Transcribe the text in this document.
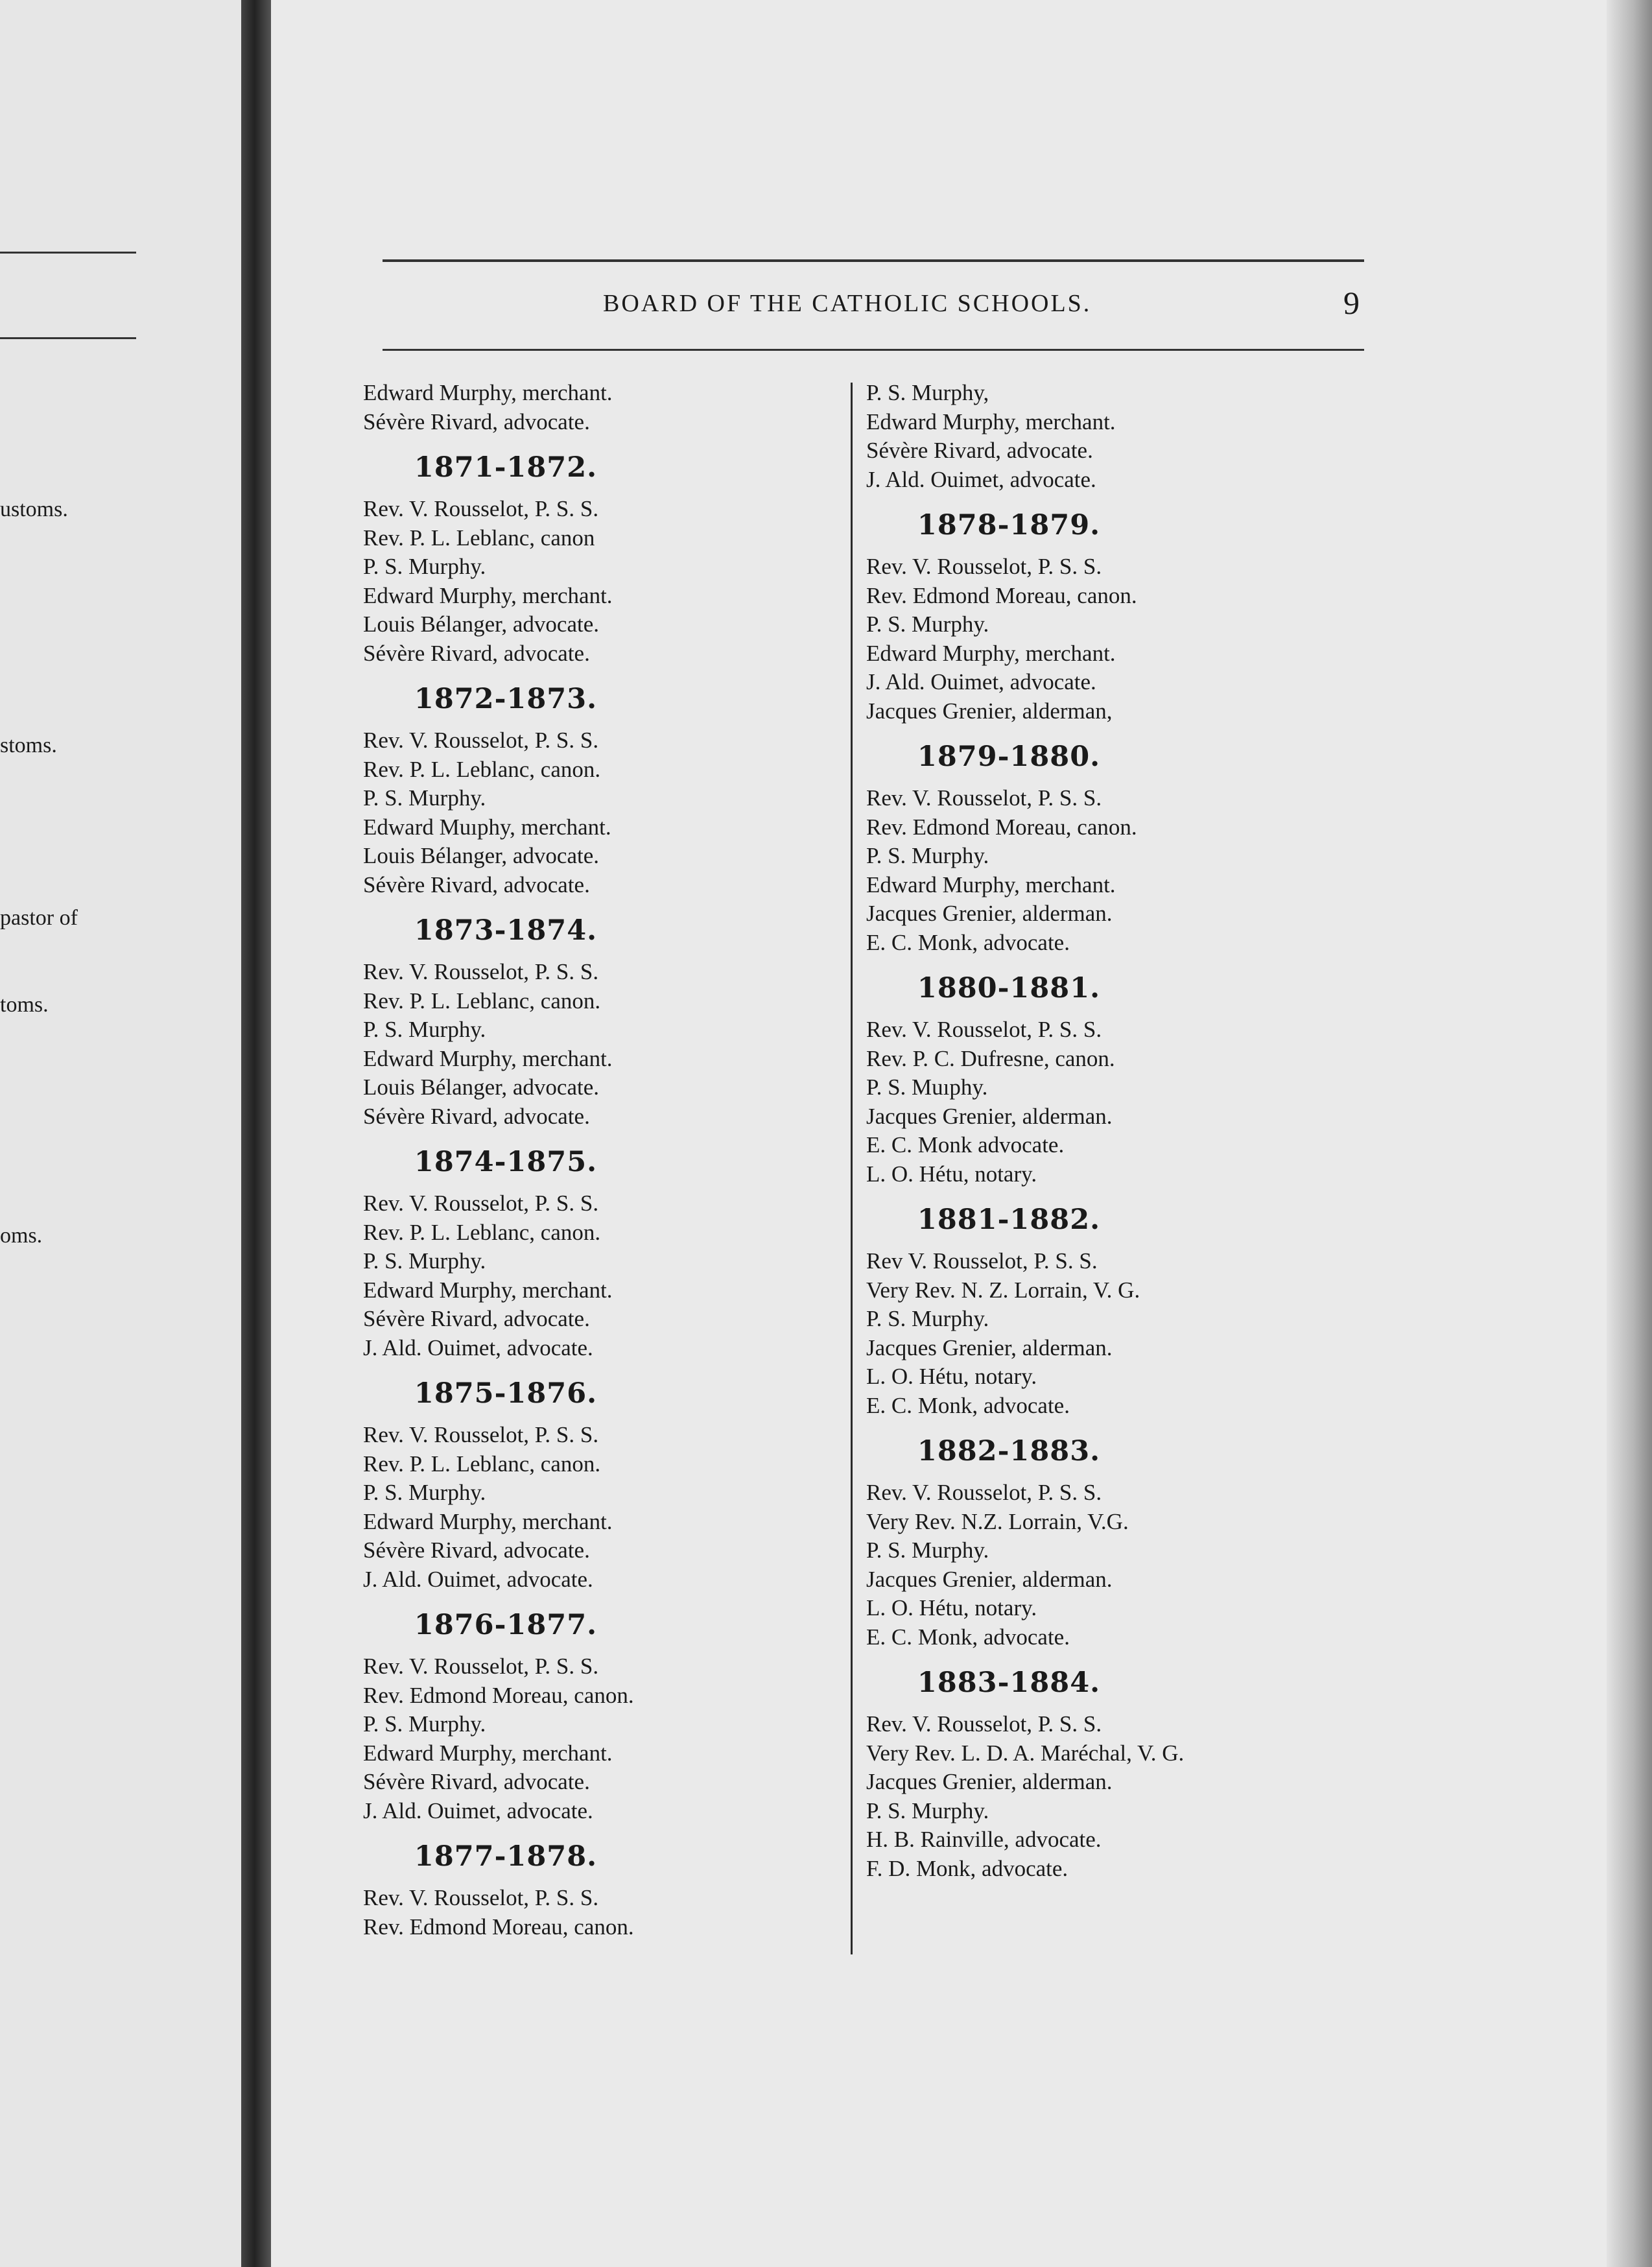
ustoms.
stoms.
pastor of
toms.
oms.
BOARD OF THE CATHOLIC SCHOOLS.	9
Edward Murphy, merchant.
Sévère Rivard, advocate.
1871-1872.
Rev. V. Rousselot, P. S. S.
Rev. P. L. Leblanc, canon
P. S. Murphy.
Edward Murphy, merchant.
Louis Bélanger, advocate.
Sévère Rivard, advocate.
1872-1873.
Rev. V. Rousselot, P. S. S.
Rev. P. L. Leblanc, canon.
P. S. Murphy.
Edward Muıphy, merchant.
Louis Bélanger, advocate.
Sévère Rivard, advocate.
1873-1874.
Rev. V. Rousselot, P. S. S.
Rev. P. L. Leblanc, canon.
P. S. Murphy.
Edward Murphy, merchant.
Louis Bélanger, advocate.
Sévère Rivard, advocate.
1874-1875.
Rev. V. Rousselot, P. S. S.
Rev. P. L. Leblanc, canon.
P. S. Murphy.
Edward Murphy, merchant.
Sévère Rivard, advocate.
J. Ald. Ouimet, advocate.
1875-1876.
Rev. V. Rousselot, P. S. S.
Rev. P. L. Leblanc, canon.
P. S. Murphy.
Edward Murphy, merchant.
Sévère Rivard, advocate.
J. Ald. Ouimet, advocate.
1876-1877.
Rev. V. Rousselot, P. S. S.
Rev. Edmond Moreau, canon.
P. S. Murphy.
Edward Murphy, merchant.
Sévère Rivard, advocate.
J. Ald. Ouimet, advocate.
1877-1878.
Rev. V. Rousselot, P. S. S.
Rev. Edmond Moreau, canon.
P. S. Murphy,
Edward Murphy, merchant.
Sévère Rivard, advocate.
J. Ald. Ouimet, advocate.
1878-1879.
Rev. V. Rousselot, P. S. S.
Rev. Edmond Moreau, canon.
P. S. Murphy.
Edward Murphy, merchant.
J. Ald. Ouimet, advocate.
Jacques Grenier, alderman,
1879-1880.
Rev. V. Rousselot, P. S. S.
Rev. Edmond Moreau, canon.
P. S. Murphy.
Edward Murphy, merchant.
Jacques Grenier, alderman.
E. C. Monk, advocate.
1880-1881.
Rev. V. Rousselot, P. S. S.
Rev. P. C. Dufresne, canon.
P. S. Muıphy.
Jacques Grenier, alderman.
E. C. Monk advocate.
L. O. Hétu, notary.
1881-1882.
Rev V. Rousselot, P. S. S.
Very Rev. N. Z. Lorrain, V. G.
P. S. Murphy.
Jacques Grenier, alderman.
L. O. Hétu, notary.
E. C. Monk, advocate.
1882-1883.
Rev. V. Rousselot, P. S. S.
Very Rev. N.Z. Lorrain, V.G.
P. S. Murphy.
Jacques Grenier, alderman.
L. O. Hétu, notary.
E. C. Monk, advocate.
1883-1884.
Rev. V. Rousselot, P. S. S.
Very Rev. L. D. A. Maréchal, V. G.
Jacques Grenier, alderman.
P. S. Murphy.
H. B. Rainville, advocate.
F. D. Monk, advocate.
